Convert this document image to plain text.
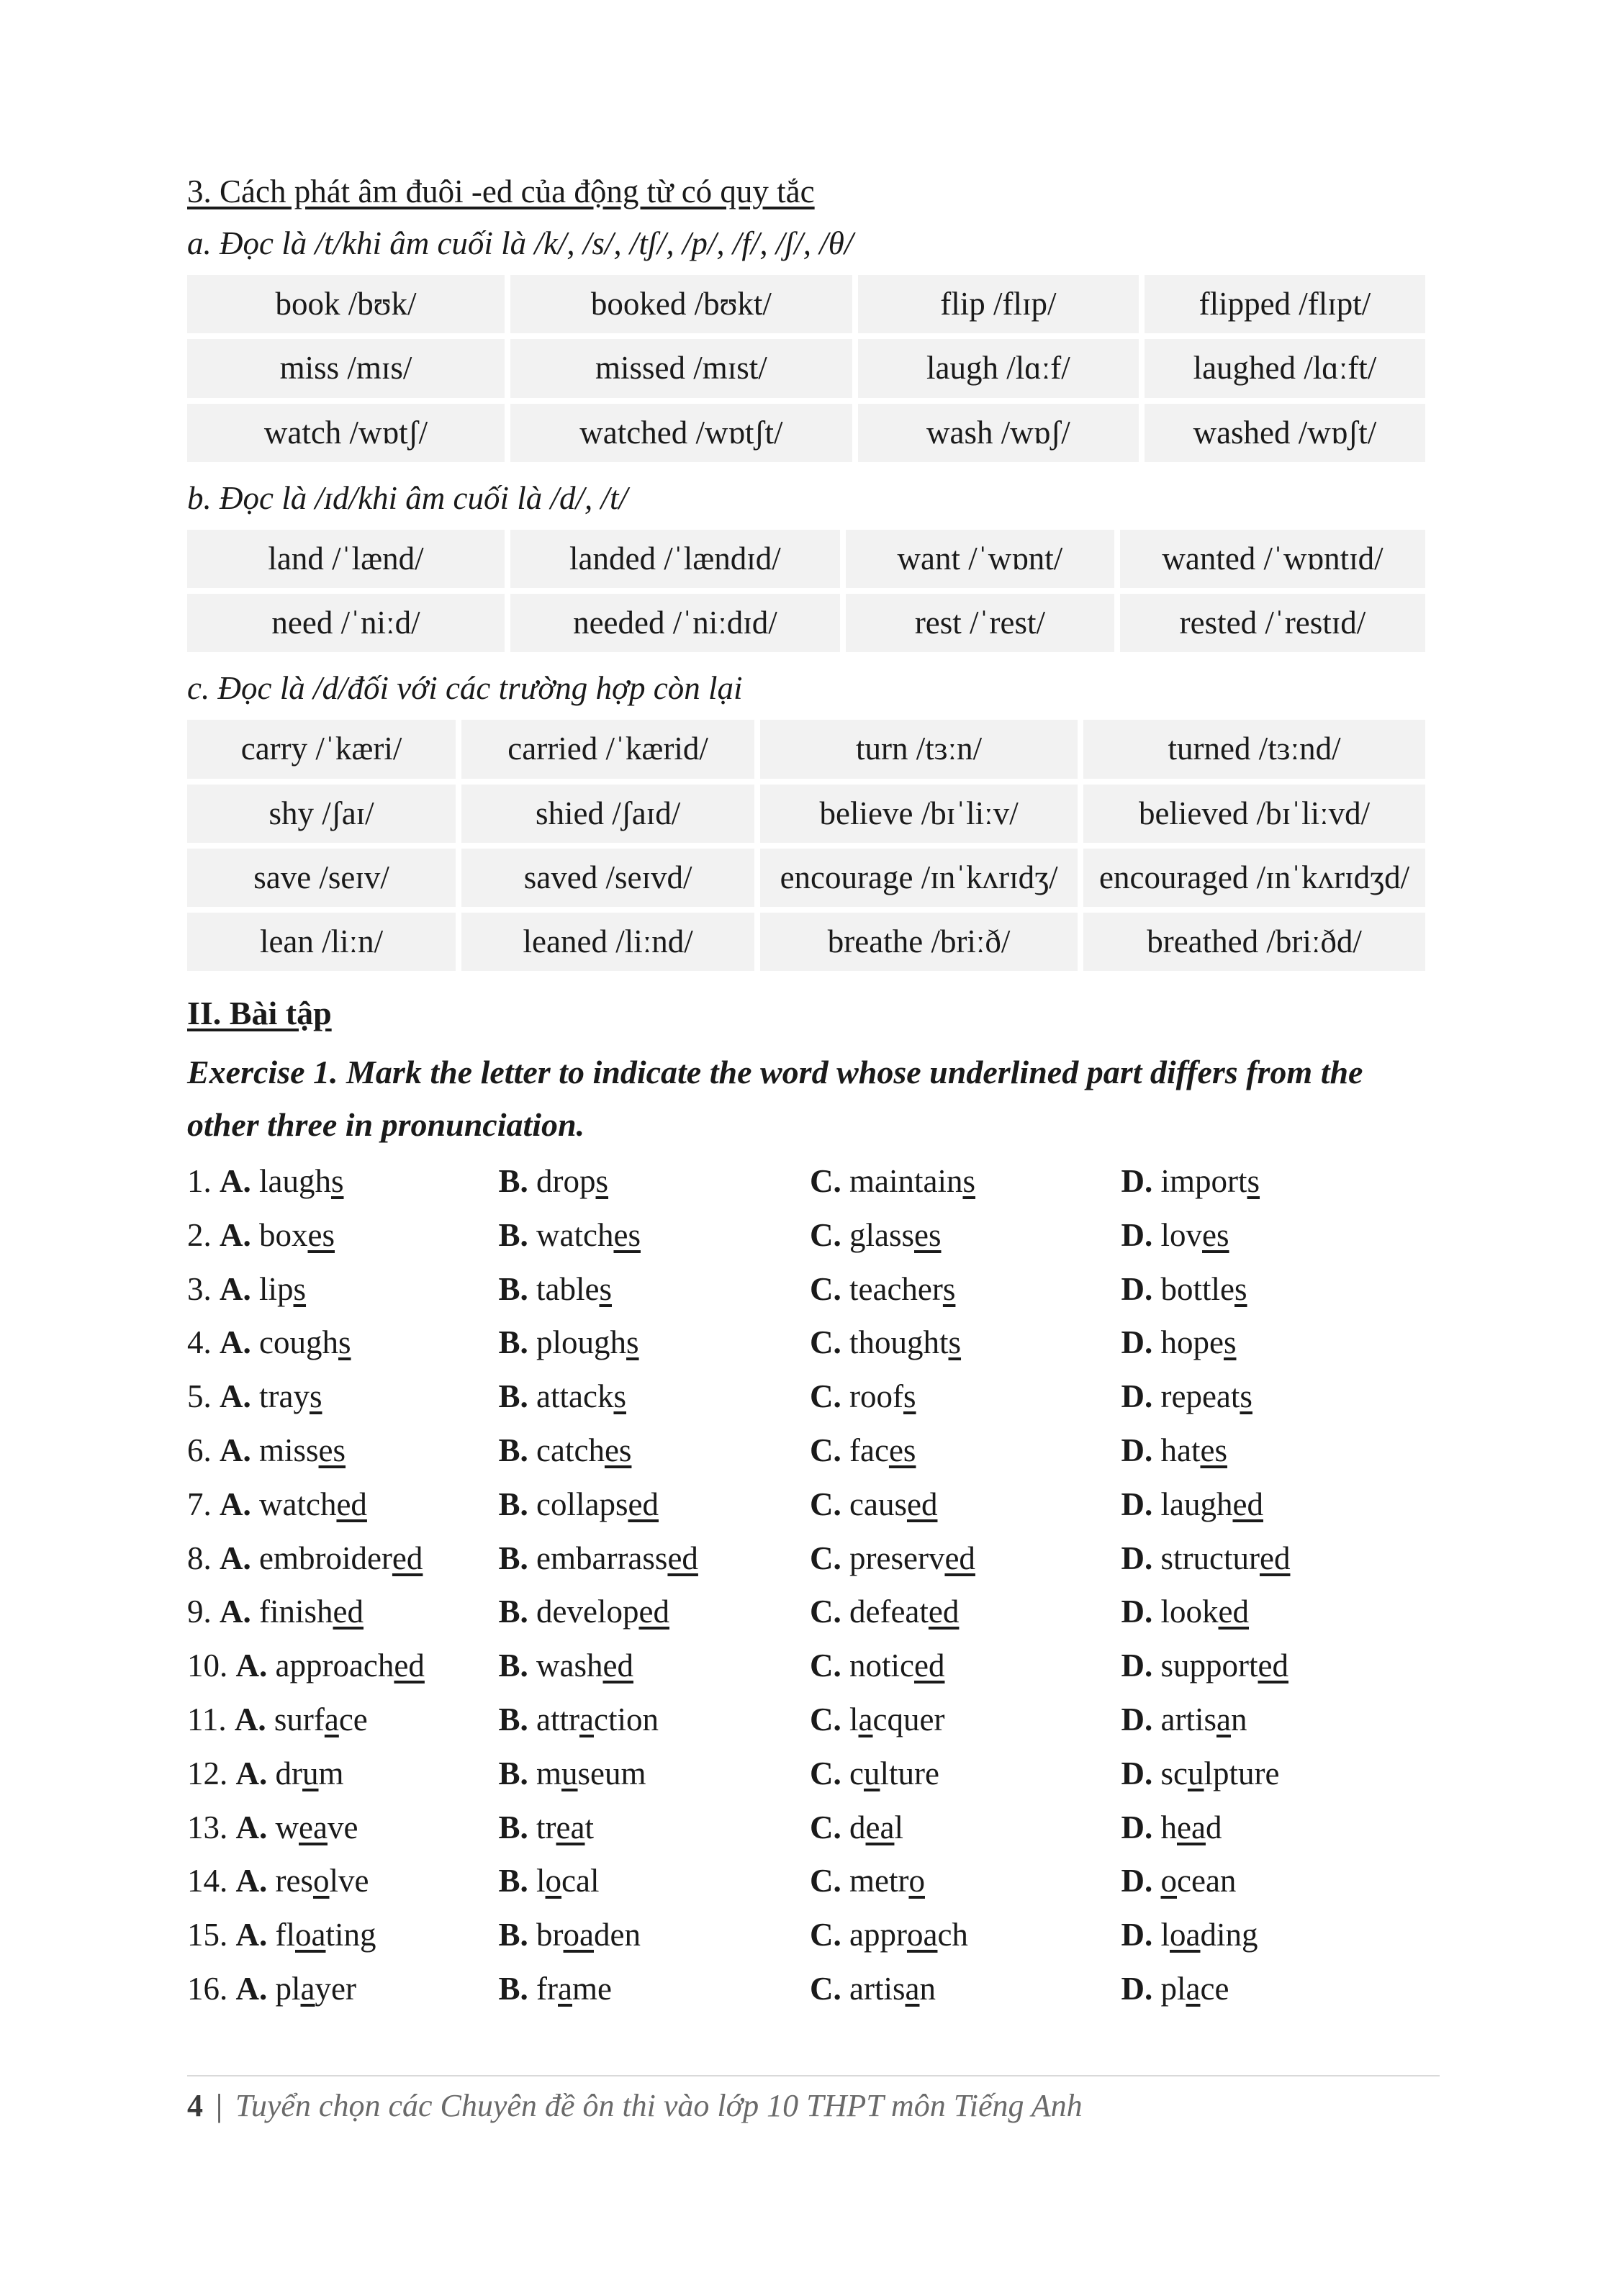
3. Cách phát âm đuôi -ed của động từ có quy tắc
a. Đọc là /t/khi âm cuối là /k/, /s/, /tʃ/, /p/, /f/, /ʃ/, /θ/
book /bʊk/	booked /bʊkt/	flip /flɪp/	flipped /flɪpt/
miss /mɪs/	missed /mɪst/	laugh /lɑːf/	laughed /lɑːft/
watch /wɒtʃ/	watched /wɒtʃt/	wash /wɒʃ/	washed /wɒʃt/
b. Đọc là /ɪd/khi âm cuối là /d/, /t/
land /ˈlænd/	landed /ˈlændɪd/	want /ˈwɒnt/	wanted /ˈwɒntɪd/
need /ˈniːd/	needed /ˈniːdɪd/	rest /ˈrest/	rested /ˈrestɪd/
c. Đọc là /d/đối với các trường hợp còn lại
carry /ˈkæri/	carried /ˈkærid/	turn /tɜːn/	turned /tɜːnd/
shy /ʃaɪ/	shied /ʃaɪd/	believe /bɪˈliːv/	believed /bɪˈliːvd/
save /seɪv/	saved /seɪvd/	encourage /ɪnˈkʌrɪdʒ/	encouraged /ɪnˈkʌrɪdʒd/
lean /liːn/	leaned /liːnd/	breathe /briːð/	breathed /briːðd/
II. Bài tập
Exercise 1. Mark the letter to indicate the word whose underlined part differs from the other three in pronunciation.
1. A. laughs	B. drops	C. maintains	D. imports
2. A. boxes	B. watches	C. glasses	D. loves
3. A. lips	B. tables	C. teachers	D. bottles
4. A. coughs	B. ploughs	C. thoughts	D. hopes
5. A. trays	B. attacks	C. roofs	D. repeats
6. A. misses	B. catches	C. faces	D. hates
7. A. watched	B. collapsed	C. caused	D. laughed
8. A. embroidered	B. embarrassed	C. preserved	D. structured
9. A. finished	B. developed	C. defeated	D. looked
10. A. approached	B. washed	C. noticed	D. supported
11. A. surface	B. attraction	C. lacquer	D. artisan
12. A. drum	B. museum	C. culture	D. sculpture
13. A. weave	B. treat	C. deal	D. head
14. A. resolve	B. local	C. metro	D. ocean
15. A. floating	B. broaden	C. approach	D. loading
16. A. player	B. frame	C. artisan	D. place
4 | Tuyển chọn các Chuyên đề ôn thi vào lớp 10 THPT môn Tiếng Anh
